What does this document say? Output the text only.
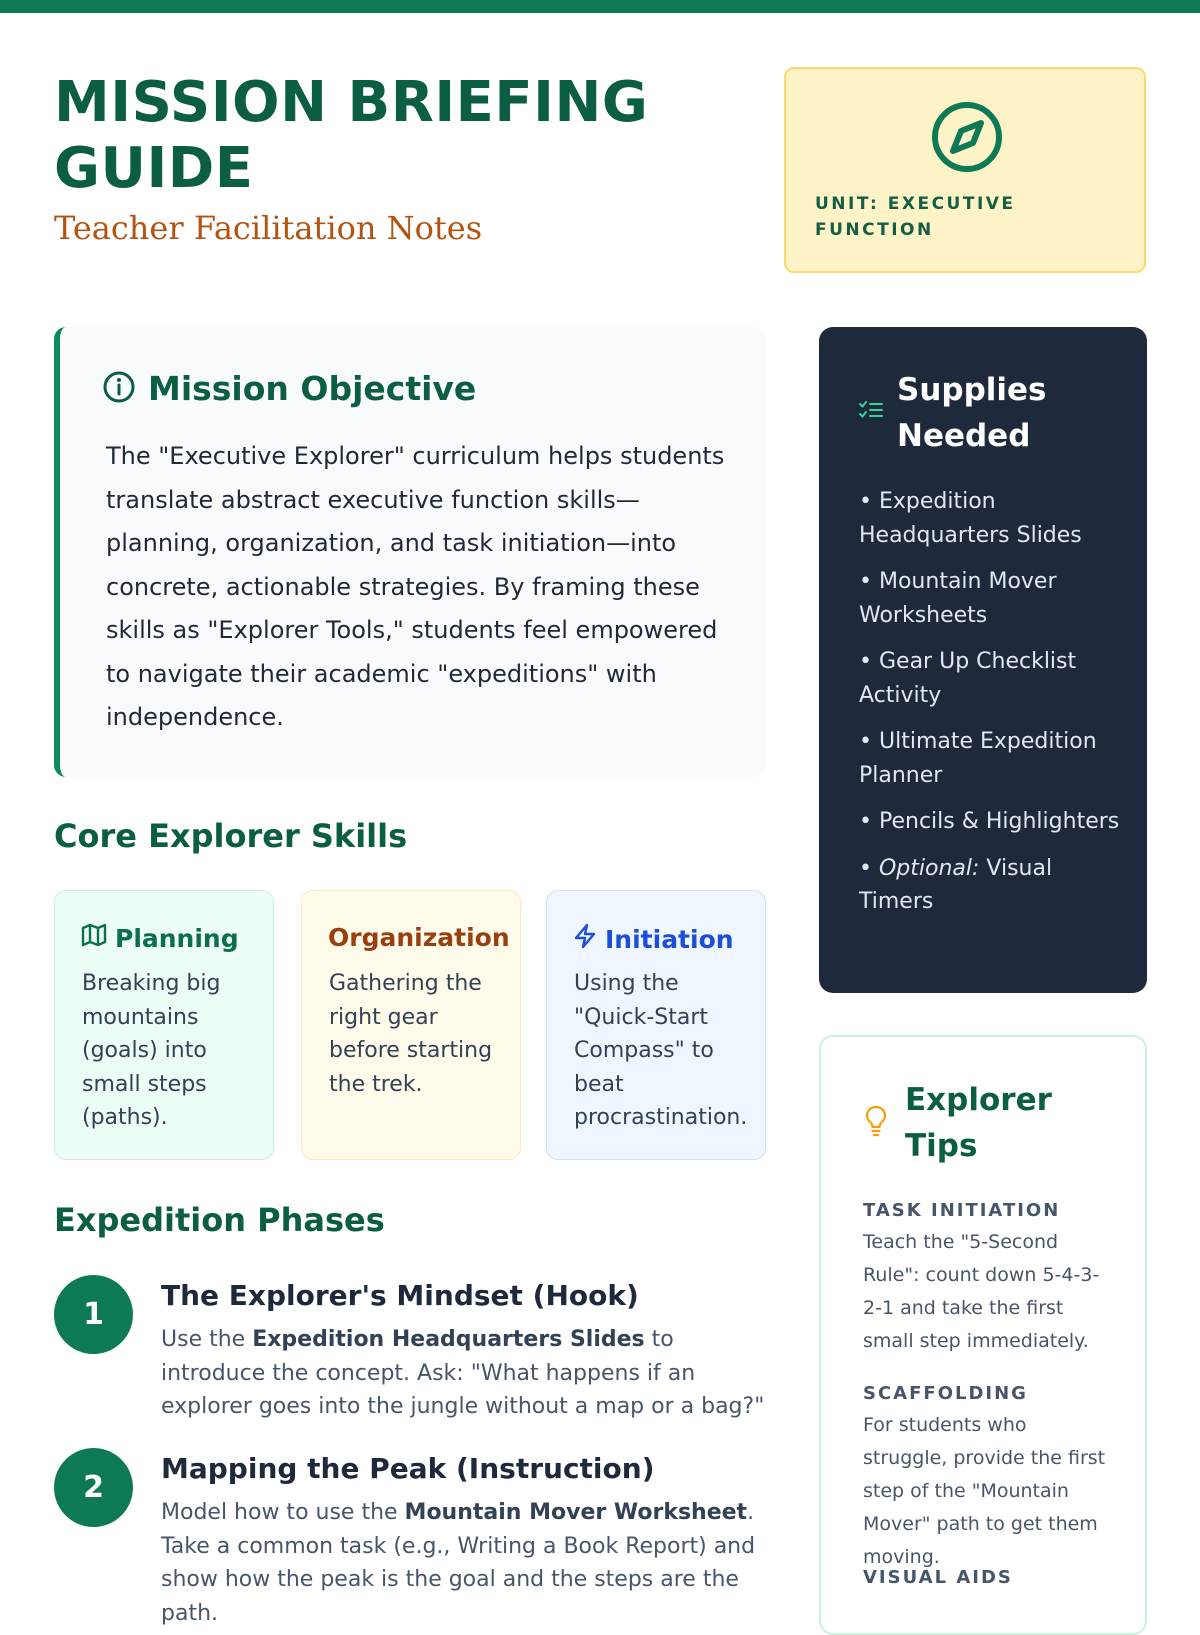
MISSION BRIEFING GUIDE
Teacher Facilitation Notes
UNIT: EXECUTIVE FUNCTION
Mission Objective

The "Executive Explorer" curriculum helps students translate abstract executive function skills—planning, organization, and task initiation—into concrete, actionable strategies. By framing these skills as "Explorer Tools," students feel empowered to navigate their academic "expeditions" with independence.

Core Explorer Skills
Planning

Breaking big mountains (goals) into small steps (paths).

Organization

Gathering the right gear before starting the trek.

Initiation

Using the "Quick-Start Compass" to beat procrastination.

Expedition Phases
1
The Explorer's Mindset (Hook)

Use the Expedition Headquarters Slides to introduce the concept. Ask: "What happens if an explorer goes into the jungle without a map or a bag?"

2
Mapping the Peak (Instruction)

Model how to use the Mountain Mover Worksheet. Take a common task (e.g., Writing a Book Report) and show how the peak is the goal and the steps are the path.

Supplies Needed
• Expedition Headquarters Slides
• Mountain Mover Worksheets
• Gear Up Checklist Activity
• Ultimate Expedition Planner
• Pencils & Highlighters
• Optional: Visual Timers
Explorer Tips
TASK INITIATION

Teach the "5-Second Rule": count down 5-4-3-2-1 and take the first small step immediately.

SCAFFOLDING

For students who struggle, provide the first step of the "Mountain Mover" path to get them moving.

VISUAL AIDS
